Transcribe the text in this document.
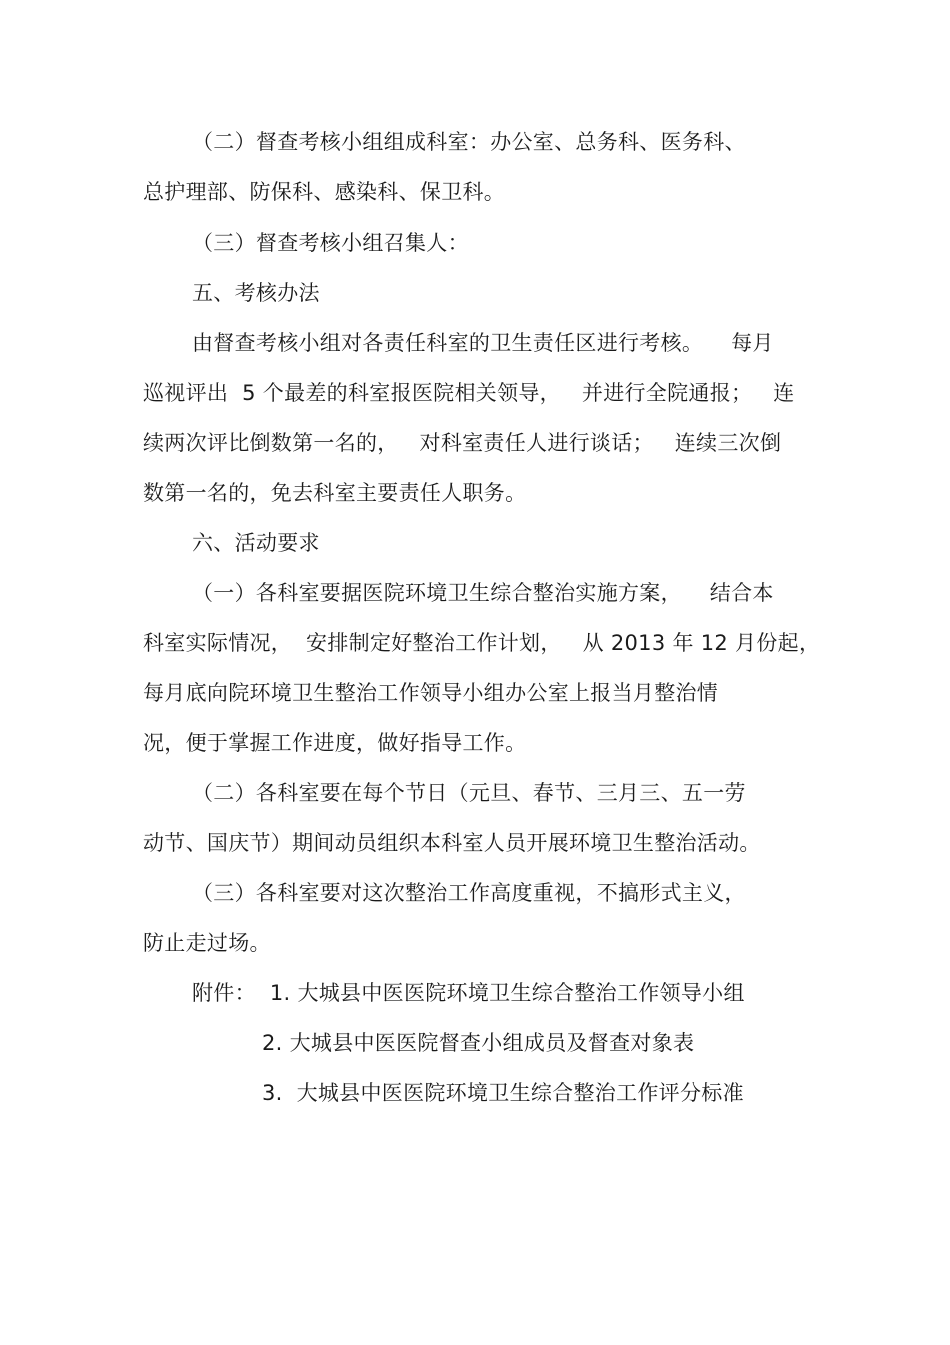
（二）督查考核小组组成科室：办公室、总务科、医务科、
总护理部、防保科、感染科、保卫科。
（三）督查考核小组召集人：
五、考核办法
由督查考核小组对各责任科室的卫生责任区进行考核。    每月
巡视评出  5 个最差的科室报医院相关领导，   并进行全院通报；   连
续两次评比倒数第一名的，   对科室责任人进行谈话；   连续三次倒
数第一名的，免去科室主要责任人职务。
六、活动要求
（一）各科室要据医院环境卫生综合整治实施方案，    结合本
科室实际情况，  安排制定好整治工作计划，   从 2013 年 12 月份起，
每月底向院环境卫生整治工作领导小组办公室上报当月整治情
况，便于掌握工作进度，做好指导工作。
（二）各科室要在每个节日（元旦、春节、三月三、五一劳
动节、国庆节）期间动员组织本科室人员开展环境卫生整治活动。
（三）各科室要对这次整治工作高度重视，不搞形式主义，
防止走过场。
附件：  1. 大城县中医医院环境卫生综合整治工作领导小组
2. 大城县中医医院督查小组成员及督查对象表
3.  大城县中医医院环境卫生综合整治工作评分标准
